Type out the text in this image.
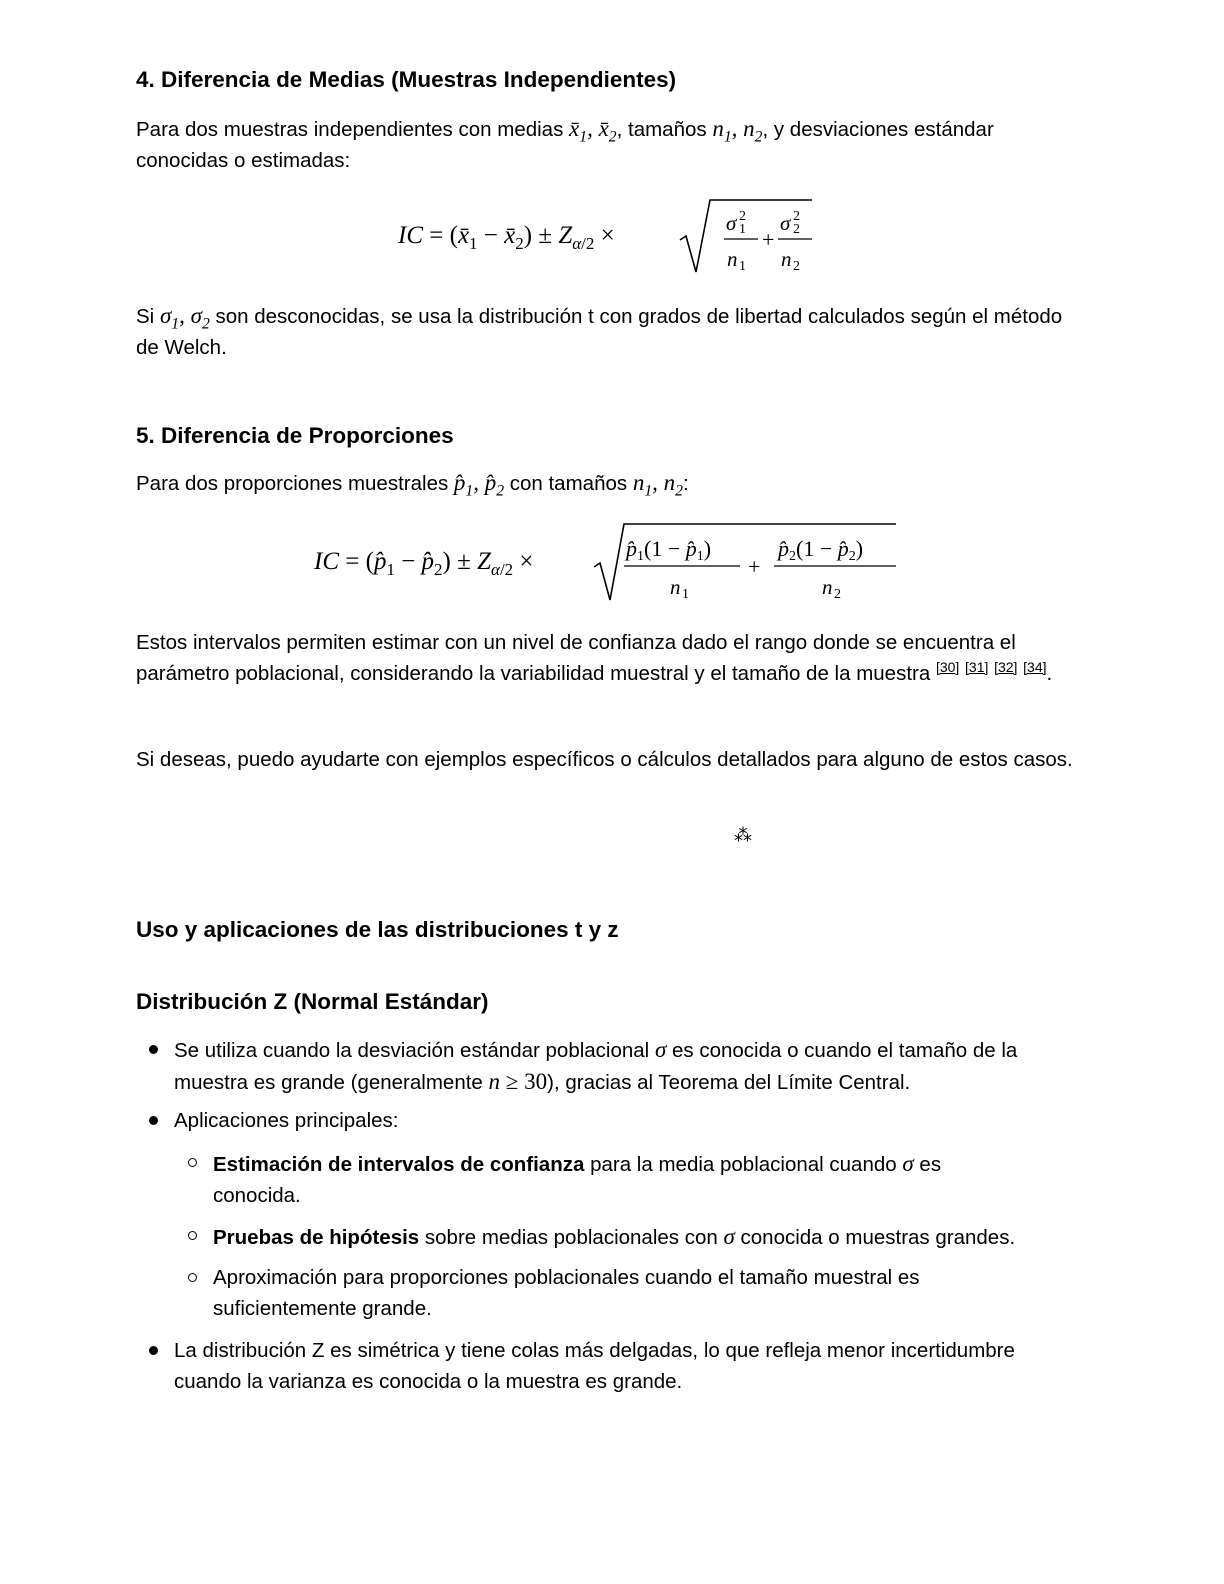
4. Diferencia de Medias (Muestras Independientes)
Para dos muestras independientes con medias $x̄_1$, $x̄_2$, tamaños $n_1$, $n_2$, y desviaciones estándar conocidas o estimadas:
IC = ($x̄_1$ − $x̄_2) \pm Z_{\alpha/2}$ ×	σ 1
2
n 1
+
σ 2
2
n 2
Si $\sigma_1$, $\sigma_2$ son desconocidas, se usa la distribución t con grados de libertad calculados según el método de Welch.
5. Diferencia de Proporciones
Para dos proporciones muestrales $p̂_1$, $p̂_2$ con tamaños $n_1$, $n_2$:
IC = ($p̂_1$ − $p̂_2) \pm Z_{\alpha/2}$ ×	p̂1(1 − p̂1)
n 1
+
p̂2(1 − p̂2)
n 2
Estos intervalos permiten estimar con un nivel de confianza dado el rango donde se encuentra el parámetro poblacional, considerando la variabilidad muestral y el tamaño de la muestra [30] [31] [32] [34].
Si deseas, puedo ayudarte con ejemplos específicos o cálculos detallados para alguno de estos casos.
⁂
Uso y aplicaciones de las distribuciones t y z
Distribución Z (Normal Estándar)
Se utiliza cuando la desviación estándar poblacional σ es conocida o cuando el tamaño de la muestra es grande (generalmente n ≥ 30), gracias al Teorema del Límite Central.
Aplicaciones principales:
Estimación de intervalos de confianza para la media poblacional cuando σ es conocida.
Pruebas de hipótesis sobre medias poblacionales con σ conocida o muestras grandes.
Aproximación para proporciones poblacionales cuando el tamaño muestral es suficientemente grande.
La distribución Z es simétrica y tiene colas más delgadas, lo que refleja menor incertidumbre cuando la varianza es conocida o la muestra es grande.
